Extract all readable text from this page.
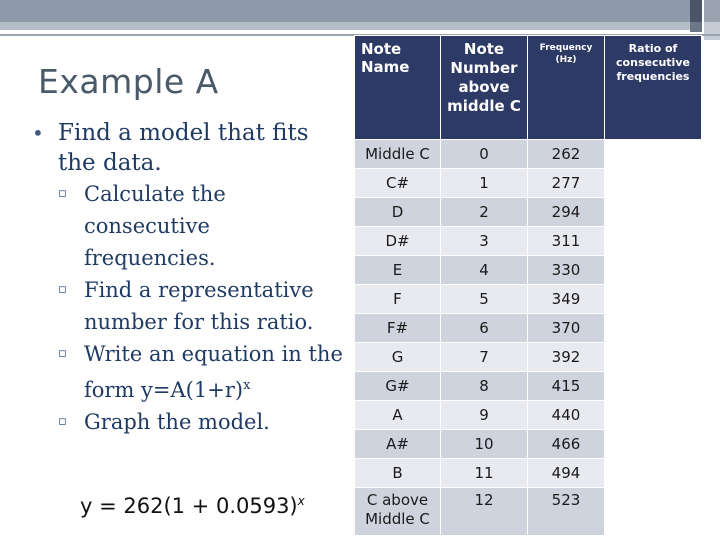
Example A
• Find a model that fits the data.
▫ Calculate the consecutive frequencies.
▫ Find a representative number for this ratio.
▫ Write an equation in the form $y=A(1+r)^x$
▫ Graph the model.
$y = 262(1 + 0.0593)^x$
Note Name	Note Number above middle C	Frequency (Hz)	Ratio of consecutive frequencies
Middle C	0	262	
C#	1	277	
D	2	294	
D#	3	311	
E	4	330	
F	5	349	
F#	6	370	
G	7	392	
G#	8	415	
A	9	440	
A#	10	466	
B	11	494	
C above Middle C	12	523	
